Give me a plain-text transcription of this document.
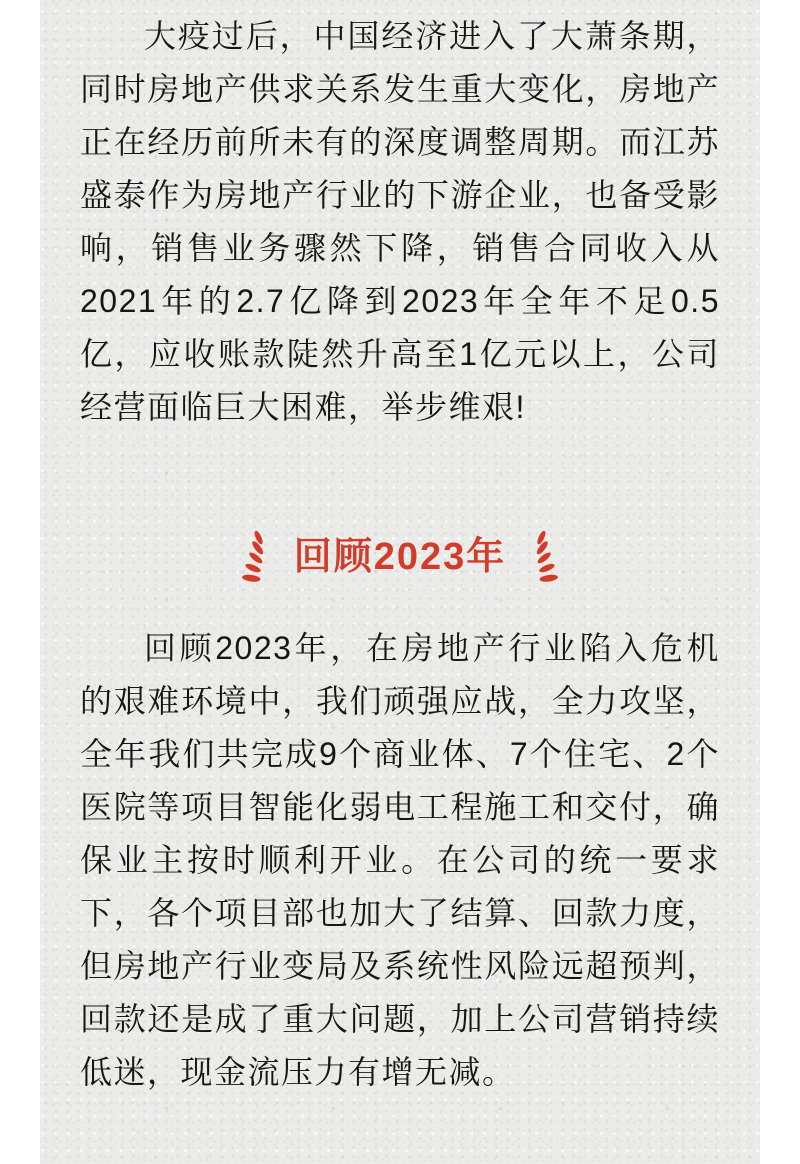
大疫过后，中国经济进入了大萧条期，同时房地产供求关系发生重大变化，房地产正在经历前所未有的深度调整周期。而江苏盛泰作为房地产行业的下游企业，也备受影响，销售业务骤然下降，销售合同收入从2021年的2.7亿降到2023年全年不足0.5亿，应收账款陡然升高至1亿元以上，公司经营面临巨大困难，举步维艰!

回顾2023年

回顾2023年，在房地产行业陷入危机的艰难环境中，我们顽强应战，全力攻坚，全年我们共完成9个商业体、7个住宅、2个医院等项目智能化弱电工程施工和交付，确保业主按时顺利开业。在公司的统一要求下，各个项目部也加大了结算、回款力度，但房地产行业变局及系统性风险远超预判，回款还是成了重大问题，加上公司营销持续低迷，现金流压力有增无减。
